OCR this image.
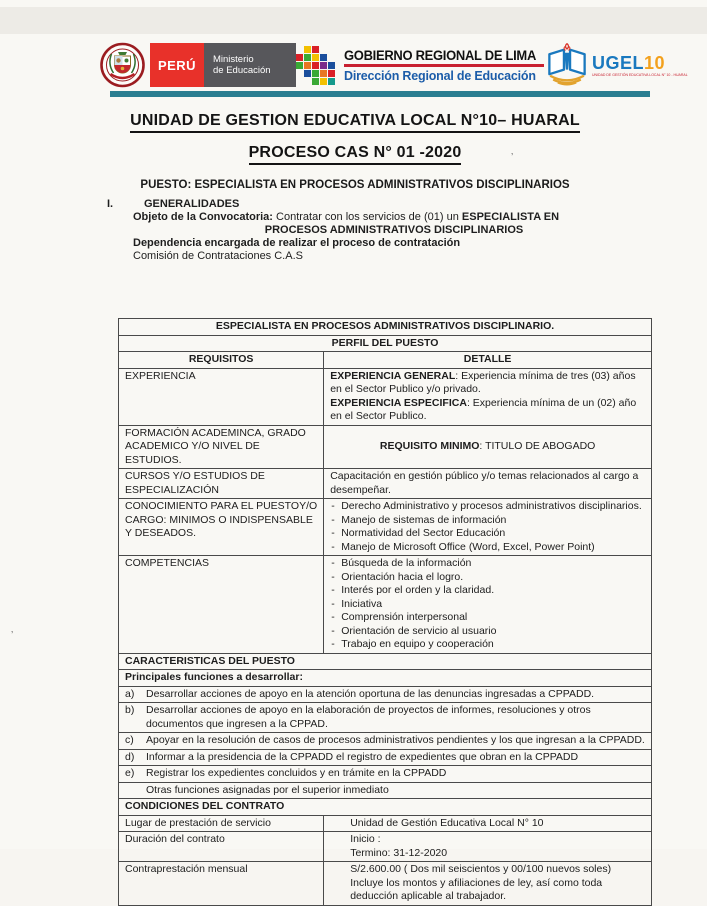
’
’
PERÚ	Ministerio
de Educación
GOBIERNO REGIONAL DE LIMA
Dirección Regional de Educación
UGEL10
UNIDAD DE GESTIÓN EDUCATIVA LOCAL N° 10 - HUARAL
UNIDAD DE GESTION EDUCATIVA LOCAL N°10– HUARAL
PROCESO CAS N° 01 -2020
PUESTO: ESPECIALISTA EN PROCESOS ADMINISTRATIVOS DISCIPLINARIOS

I.	GENERALIDADES

Objeto de la Convocatoria: Contratar con los servicios de (01) un ESPECIALISTA EN

PROCESOS ADMINISTRATIVOS DISCIPLINARIOS

Dependencia encargada de realizar el proceso de contratación

Comisión de Contrataciones C.A.S

ESPECIALISTA EN PROCESOS ADMINISTRATIVOS DISCIPLINARIO.	
PERFIL DEL PUESTO	
REQUISITOS	DETALLE
EXPERIENCIA	EXPERIENCIA GENERAL: Experiencia mínima de tres (03) años en el Sector Publico y/o privado.
EXPERIENCIA ESPECIFICA: Experiencia mínima de un (02) año en el Sector Publico.

FORMACIÓN ACADEMINCA, GRADO ACADEMICO Y/O NIVEL DE ESTUDIOS.	REQUISITO MINIMO: TITULO DE ABOGADO
CURSOS Y/O ESTUDIOS DE ESPECIALIZACIÓN	Capacitación en gestión público y/o temas relacionados al cargo a desempeñar.
CONOCIMIENTO PARA EL PUESTOY/O CARGO: MINIMOS O INDISPENSABLE Y DESEADOS.	
- Derecho Administrativo y procesos administrativos disciplinarios.
- Manejo de sistemas de información
- Normatividad del Sector Educación
- Manejo de Microsoft Office (Word, Excel, Power Point)

COMPETENCIAS	
-Búsqueda de la información
- Orientación hacia el logro.
- Interés por el orden y la claridad.
- Iniciativa
- Comprensión interpersonal
- Orientación de servicio al usuario
- Trabajo en equipo y cooperación

CARACTERISTICAS DEL PUESTO	
Principales funciones a desarrollar:	

a) Desarrollar acciones de apoyo en la atención oportuna de las denuncias ingresadas a CPPADD.	

b) Desarrollar acciones de apoyo en la elaboración de proyectos de informes, resoluciones y otros documentos que ingresen a la CPPAD.	

c) Apoyar en la resolución de casos de procesos administrativos pendientes y los que ingresan a la CPPADD.	

d) Informar a la presidencia de la CPPADD el registro de expedientes que obran en la CPPADD	

e) Registrar los expedientes concluidos y en trámite en la CPPADD	

Otras funciones asignadas por el superior inmediato	

CONDICIONES DEL CONTRATO	
Lugar de prestación de servicio	Unidad de Gestión Educativa Local N° 10
Duración del contrato	Inicio :
Termino: 31-12-2020

Contraprestación mensual	S/2.600.00 ( Dos mil seiscientos y 00/100 nuevos soles)
Incluye los montos y afiliaciones de ley, así como toda deducción aplicable al trabajador.
